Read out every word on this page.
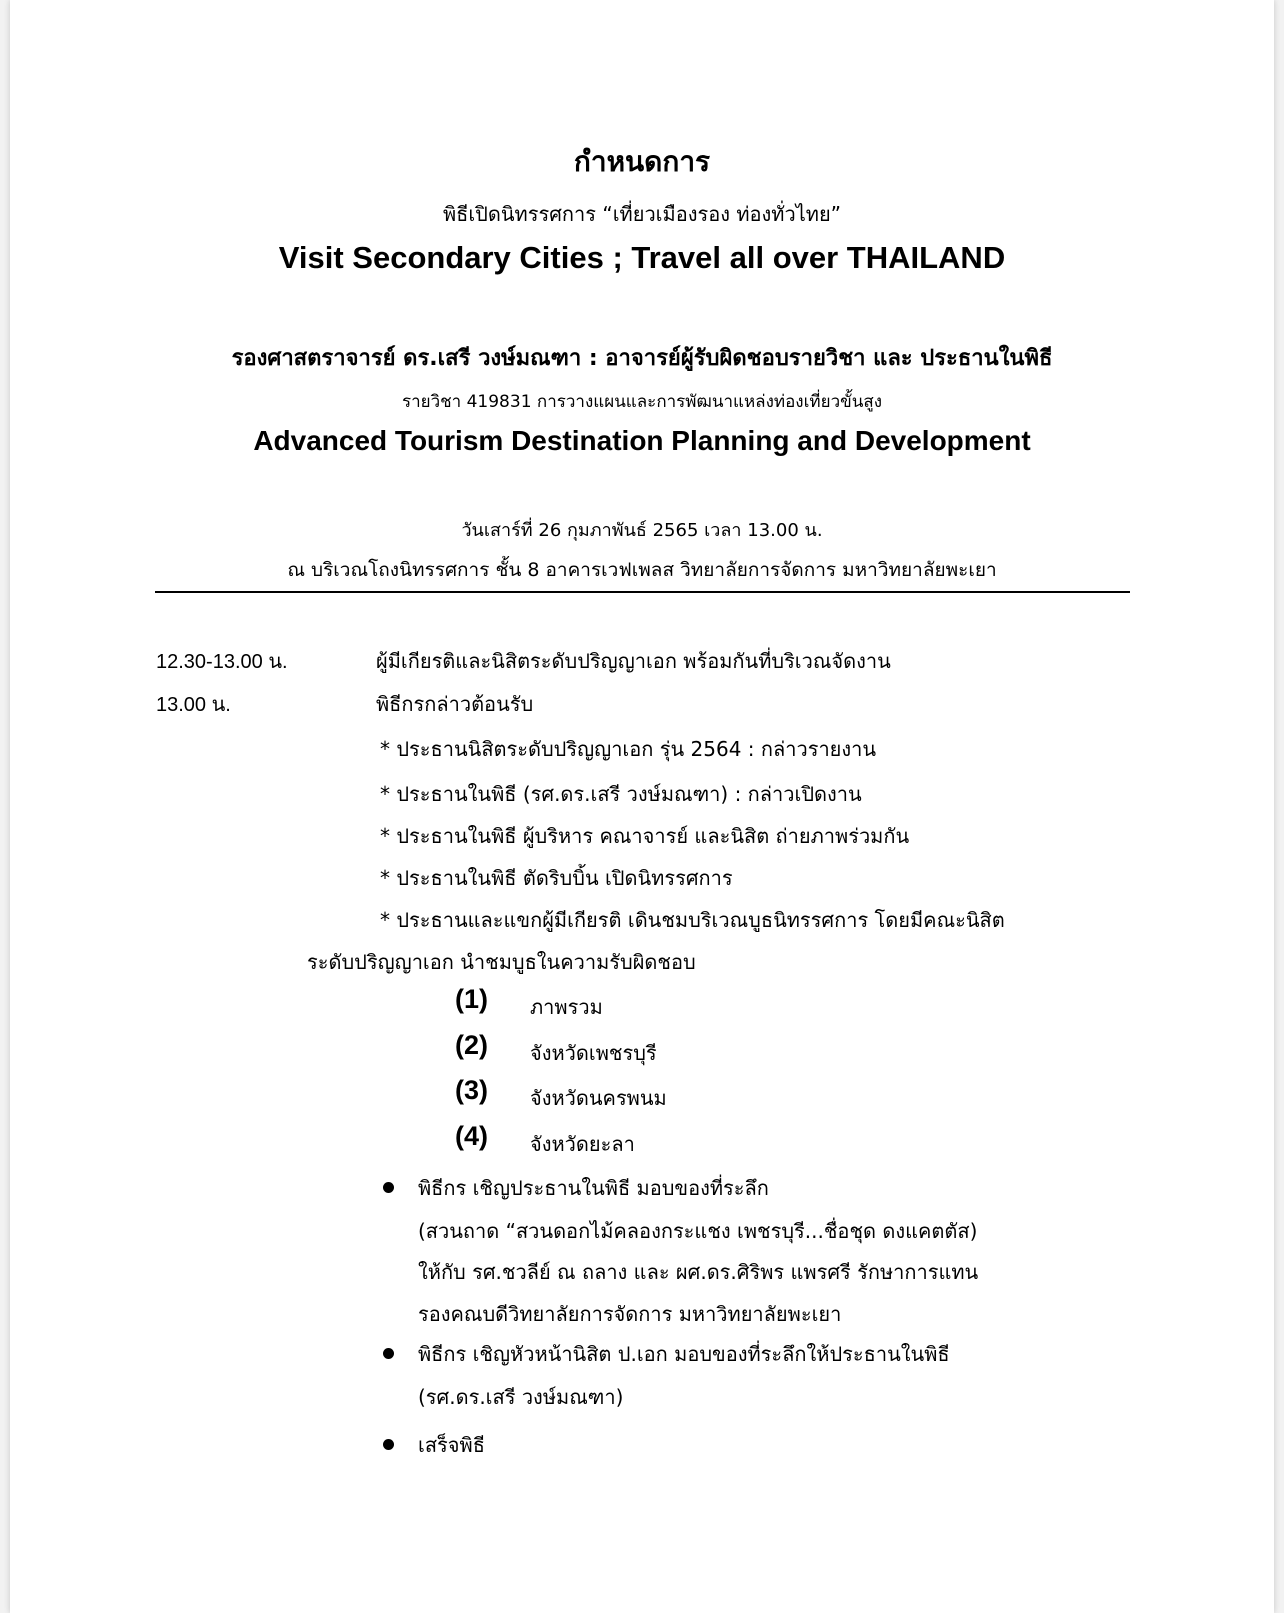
กำหนดการ
พิธีเปิดนิทรรศการ “เที่ยวเมืองรอง ท่องทั่วไทย”
Visit Secondary Cities ; Travel all over THAILAND
รองศาสตราจารย์ ดร.เสรี วงษ์มณฑา : อาจารย์ผู้รับผิดชอบรายวิชา และ ประธานในพิธี
รายวิชา 419831 การวางแผนและการพัฒนาแหล่งท่องเที่ยวขั้นสูง
Advanced Tourism Destination Planning and Development
วันเสาร์ที่ 26 กุมภาพันธ์ 2565 เวลา 13.00 น.
ณ บริเวณโถงนิทรรศการ ชั้น 8 อาคารเวฟเพลส วิทยาลัยการจัดการ มหาวิทยาลัยพะเยา
12.30-13.00 น.	ผู้มีเกียรติและนิสิตระดับปริญญาเอก พร้อมกันที่บริเวณจัดงาน
13.00 น.	พิธีกรกล่าวต้อนรับ
* ประธานนิสิตระดับปริญญาเอก รุ่น 2564 : กล่าวรายงาน
* ประธานในพิธี (รศ.ดร.เสรี วงษ์มณฑา) : กล่าวเปิดงาน
* ประธานในพิธี ผู้บริหาร คณาจารย์ และนิสิต ถ่ายภาพร่วมกัน
* ประธานในพิธี ตัดริบบิ้น เปิดนิทรรศการ
* ประธานและแขกผู้มีเกียรติ เดินชมบริเวณบูธนิทรรศการ โดยมีคณะนิสิต
ระดับปริญญาเอก นำชมบูธในความรับผิดชอบ
(1) ภาพรวม
(2) จังหวัดเพชรบุรี
(3) จังหวัดนครพนม
(4) จังหวัดยะลา
พิธีกร เชิญประธานในพิธี มอบของที่ระลึก
(สวนถาด “สวนดอกไม้คลองกระแชง เพชรบุรี...ชื่อชุด ดงแคตตัส)
ให้กับ รศ.ชวลีย์ ณ ถลาง และ ผศ.ดร.ศิริพร แพรศรี รักษาการแทน
รองคณบดีวิทยาลัยการจัดการ มหาวิทยาลัยพะเยา
พิธีกร เชิญหัวหน้านิสิต ป.เอก มอบของที่ระลึกให้ประธานในพิธี
(รศ.ดร.เสรี วงษ์มณฑา)
เสร็จพิธี
